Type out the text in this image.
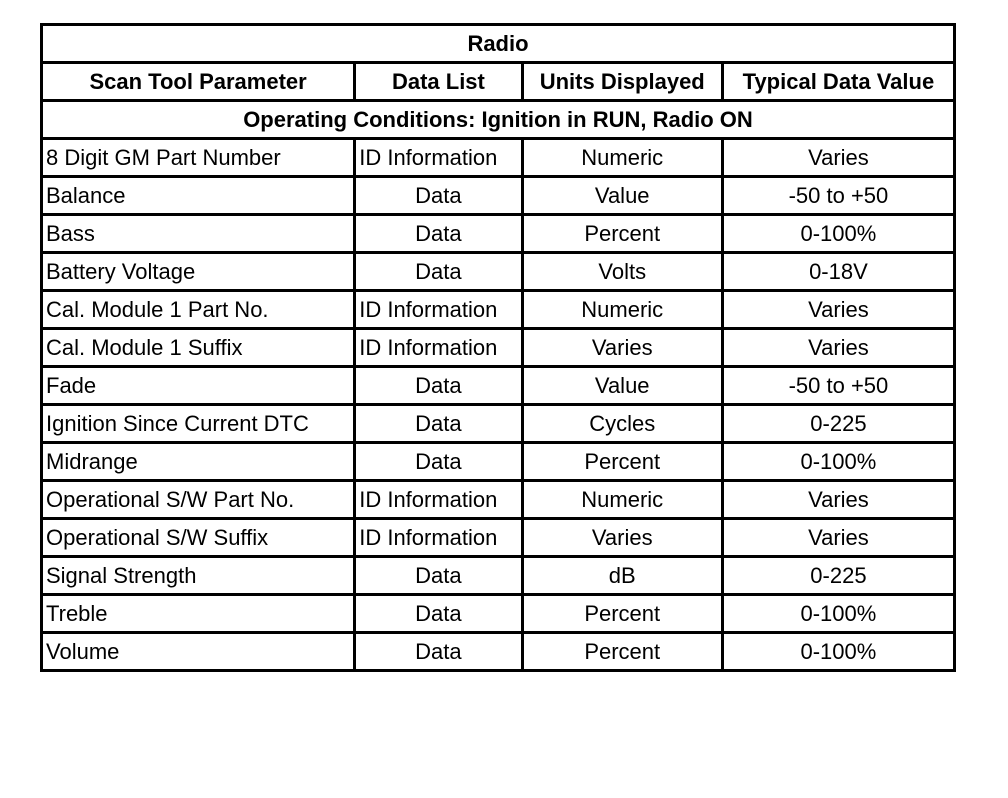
Radio			
Scan Tool Parameter	Data List	Units Displayed	Typical Data Value
Operating Conditions: Ignition in RUN, Radio ON			
8 Digit GM Part Number	ID Information	Numeric	Varies
Balance	Data	Value	-50 to +50
Bass	Data	Percent	0-100%
Battery Voltage	Data	Volts	0-18V
Cal. Module 1 Part No.	ID Information	Numeric	Varies
Cal. Module 1 Suffix	ID Information	Varies	Varies
Fade	Data	Value	-50 to +50
Ignition Since Current DTC	Data	Cycles	0-225
Midrange	Data	Percent	0-100%
Operational S/W Part No.	ID Information	Numeric	Varies
Operational S/W Suffix	ID Information	Varies	Varies
Signal Strength	Data	dB	0-225
Treble	Data	Percent	0-100%
Volume	Data	Percent	0-100%
